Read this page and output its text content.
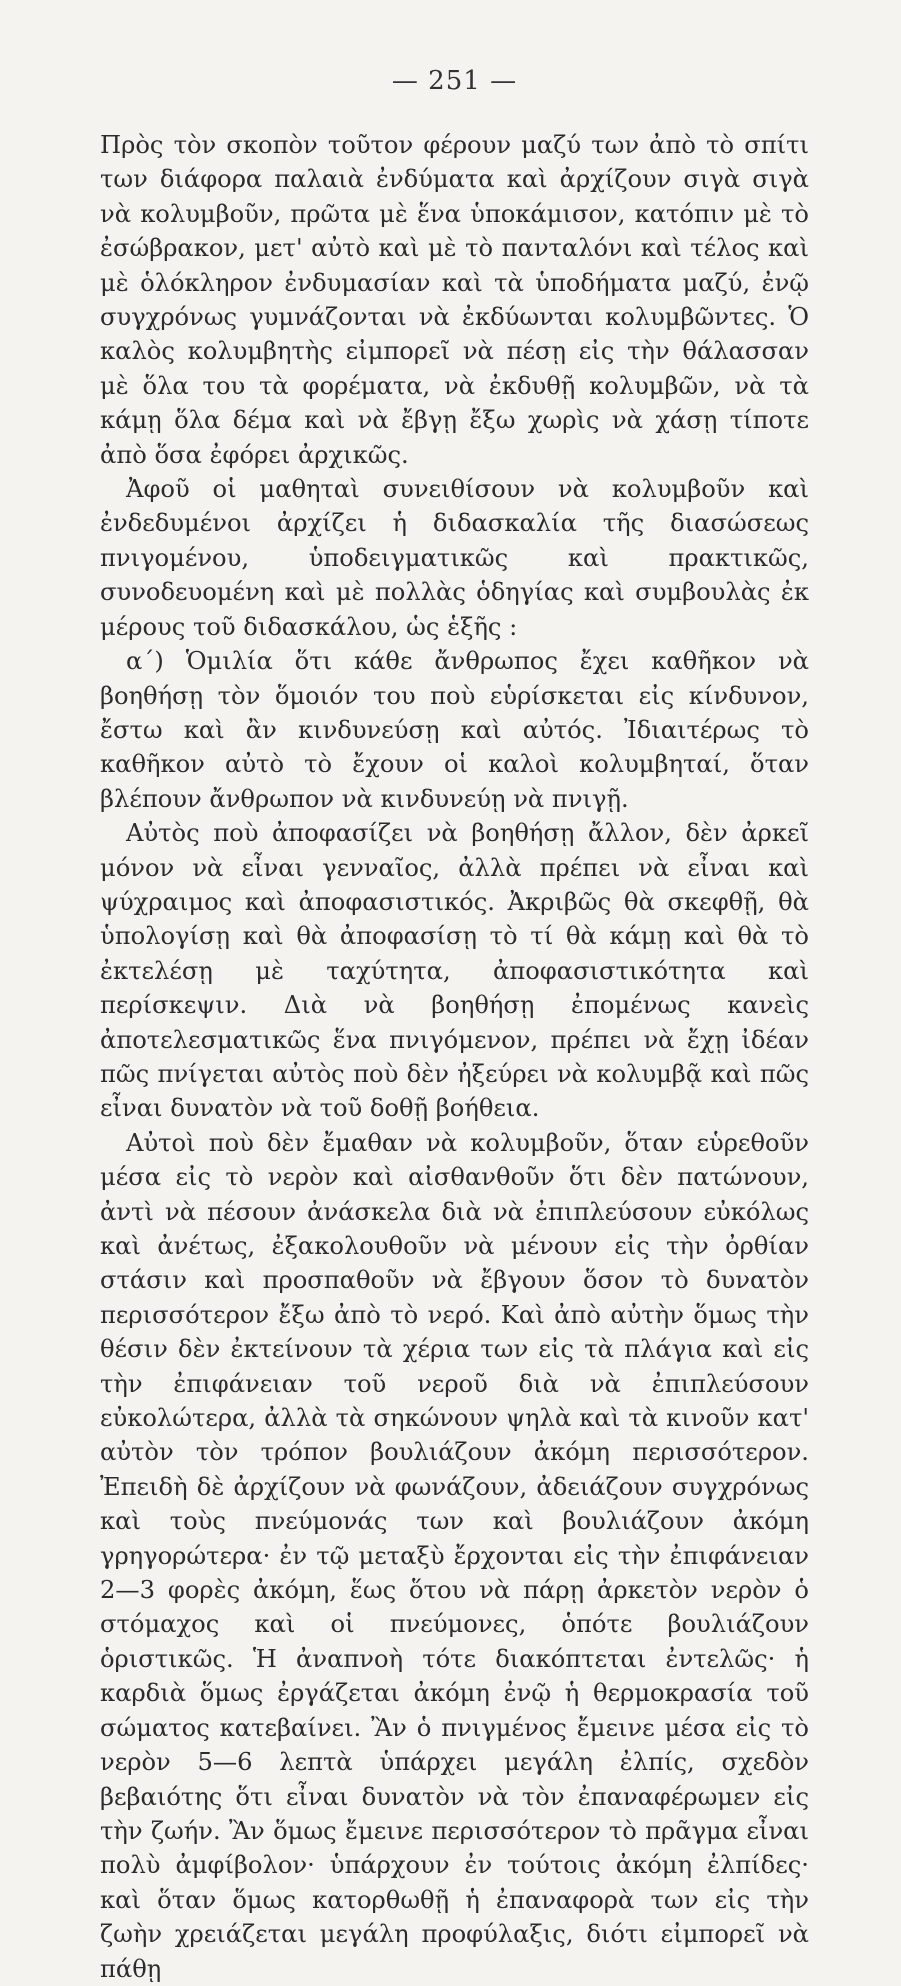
— 251 —

Πρὸς τὸν σκοπὸν τοῦτον φέρουν μαζύ των ἀπὸ τὸ σπίτι των διάφορα παλαιὰ ἐνδύματα καὶ ἀρχίζουν σιγὰ σιγὰ νὰ κολυμβοῦν, πρῶτα μὲ ἕνα ὑποκάμισον, κατόπιν μὲ τὸ ἐσώβρακον, μετ' αὐτὸ καὶ μὲ τὸ πανταλόνι καὶ τέλος καὶ μὲ ὁλόκληρον ἐνδυμασίαν καὶ τὰ ὑποδήματα μαζύ, ἐνῷ συγχρόνως γυμνάζονται νὰ ἐκδύωνται κολυμβῶντες. Ὁ καλὸς κολυμβητὴς εἰμπορεῖ νὰ πέσῃ εἰς τὴν θάλασσαν μὲ ὅλα του τὰ φορέματα, νὰ ἐκδυθῇ κολυμβῶν, νὰ τὰ κάμῃ ὅλα δέμα καὶ νὰ ἔβγῃ ἔξω χωρὶς νὰ χάσῃ τίποτε ἀπὸ ὅσα ἐφόρει ἀρχικῶς.

Ἀφοῦ οἱ μαθηταὶ συνειθίσουν νὰ κολυμβοῦν καὶ ἐνδεδυμένοι ἀρχίζει ἡ διδασκαλία τῆς διασώσεως πνιγομένου, ὑποδειγματικῶς καὶ πρακτικῶς, συνοδευομένη καὶ μὲ πολλὰς ὁδηγίας καὶ συμβουλὰς ἐκ μέρους τοῦ διδασκάλου, ὡς ἑξῆς :

α΄) Ὁμιλία ὅτι κάθε ἄνθρωπος ἔχει καθῆκον νὰ βοηθήσῃ τὸν ὅμοιόν του ποὺ εὑρίσκεται εἰς κίνδυνον, ἔστω καὶ ἂν κινδυνεύσῃ καὶ αὐτός. Ἰδιαιτέρως τὸ καθῆκον αὐτὸ τὸ ἔχουν οἱ καλοὶ κολυμβηταί, ὅταν βλέπουν ἄνθρωπον νὰ κινδυνεύῃ νὰ πνιγῇ.

Αὐτὸς ποὺ ἀποφασίζει νὰ βοηθήσῃ ἄλλον, δὲν ἀρκεῖ μόνον νὰ εἶναι γενναῖος, ἀλλὰ πρέπει νὰ εἶναι καὶ ψύχραιμος καὶ ἀποφασιστικός. Ἀκριβῶς θὰ σκεφθῇ, θὰ ὑπολογίσῃ καὶ θὰ ἀποφασίσῃ τὸ τί θὰ κάμῃ καὶ θὰ τὸ ἐκτελέσῃ μὲ ταχύτητα, ἀποφασιστικότητα καὶ περίσκεψιν. Διὰ νὰ βοηθήσῃ ἐπομένως κανεὶς ἀποτελεσματικῶς ἕνα πνιγόμενον, πρέπει νὰ ἔχῃ ἰδέαν πῶς πνίγεται αὐτὸς ποὺ δὲν ἠξεύρει νὰ κολυμβᾷ καὶ πῶς εἶναι δυνατὸν νὰ τοῦ δοθῇ βοήθεια.

Αὐτοὶ ποὺ δὲν ἔμαθαν νὰ κολυμβοῦν, ὅταν εὑρεθοῦν μέσα εἰς τὸ νερὸν καὶ αἰσθανθοῦν ὅτι δὲν πατώνουν, ἀντὶ νὰ πέσουν ἀνάσκελα διὰ νὰ ἐπιπλεύσουν εὐκόλως καὶ ἀνέτως, ἐξακολουθοῦν νὰ μένουν εἰς τὴν ὀρθίαν στάσιν καὶ προσπαθοῦν νὰ ἔβγουν ὅσον τὸ δυνατὸν περισσότερον ἔξω ἀπὸ τὸ νερό. Καὶ ἀπὸ αὐτὴν ὅμως τὴν θέσιν δὲν ἐκτείνουν τὰ χέρια των εἰς τὰ πλάγια καὶ εἰς τὴν ἐπιφάνειαν τοῦ νεροῦ διὰ νὰ ἐπιπλεύσουν εὐκολώτερα, ἀλλὰ τὰ σηκώνουν ψηλὰ καὶ τὰ κινοῦν κατ' αὐτὸν τὸν τρόπον βουλιάζουν ἀκόμη περισσότερον. Ἐπειδὴ δὲ ἀρχίζουν νὰ φωνάζουν, ἀδειάζουν συγχρόνως καὶ τοὺς πνεύμονάς των καὶ βουλιάζουν ἀκόμη γρηγορώτερα· ἐν τῷ μεταξὺ ἔρχονται εἰς τὴν ἐπιφάνειαν 2—3 φορὲς ἀκόμη, ἕως ὅτου νὰ πάρῃ ἀρκετὸν νερὸν ὁ στόμαχος καὶ οἱ πνεύμονες, ὁπότε βουλιάζουν ὁριστικῶς. Ἡ ἀναπνοὴ τότε διακόπτεται ἐντελῶς· ἡ καρδιὰ ὅμως ἐργάζεται ἀκόμη ἐνῷ ἡ θερμοκρασία τοῦ σώματος κατεβαίνει. Ἂν ὁ πνιγμένος ἔμεινε μέσα εἰς τὸ νερὸν 5—6 λεπτὰ ὑπάρχει μεγάλη ἐλπίς, σχεδὸν βεβαιότης ὅτι εἶναι δυνατὸν νὰ τὸν ἐπαναφέρωμεν εἰς τὴν ζωήν. Ἂν ὅμως ἔμεινε περισσότερον τὸ πρᾶγμα εἶναι πολὺ ἀμφίβολον· ὑπάρχουν ἐν τούτοις ἀκόμη ἐλπίδες· καὶ ὅταν ὅμως κατορθωθῇ ἡ ἐπαναφορὰ των εἰς τὴν ζωὴν χρειάζεται μεγάλη προφύλαξις, διότι εἰμπορεῖ νὰ πάθῃ
